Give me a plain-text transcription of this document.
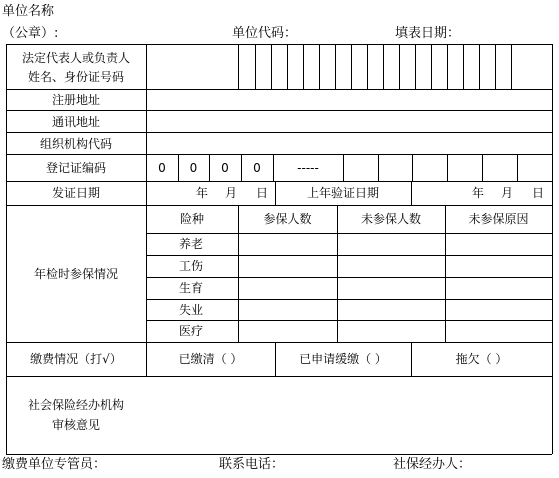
单位名称
（公章）:	单位代码：	填表日期：
法定代表人或负责人
姓名、身份证号码
注册地址
通讯地址
组织机构代码
登记证编码	0	0	0	0	-----
发证日期	年 月 日	上年验证日期	年 月 日
年检时参保情况
险种	参保人数	未参保人数	未参保原因
养老
工伤
生育
失业
医疗
缴费情况（打√）	已缴清（ ）	已申请缓缴（ ）	拖欠（ ）
社会保险经办机构
审核意见
缴费单位专管员：	联系电话：	社保经办人：
